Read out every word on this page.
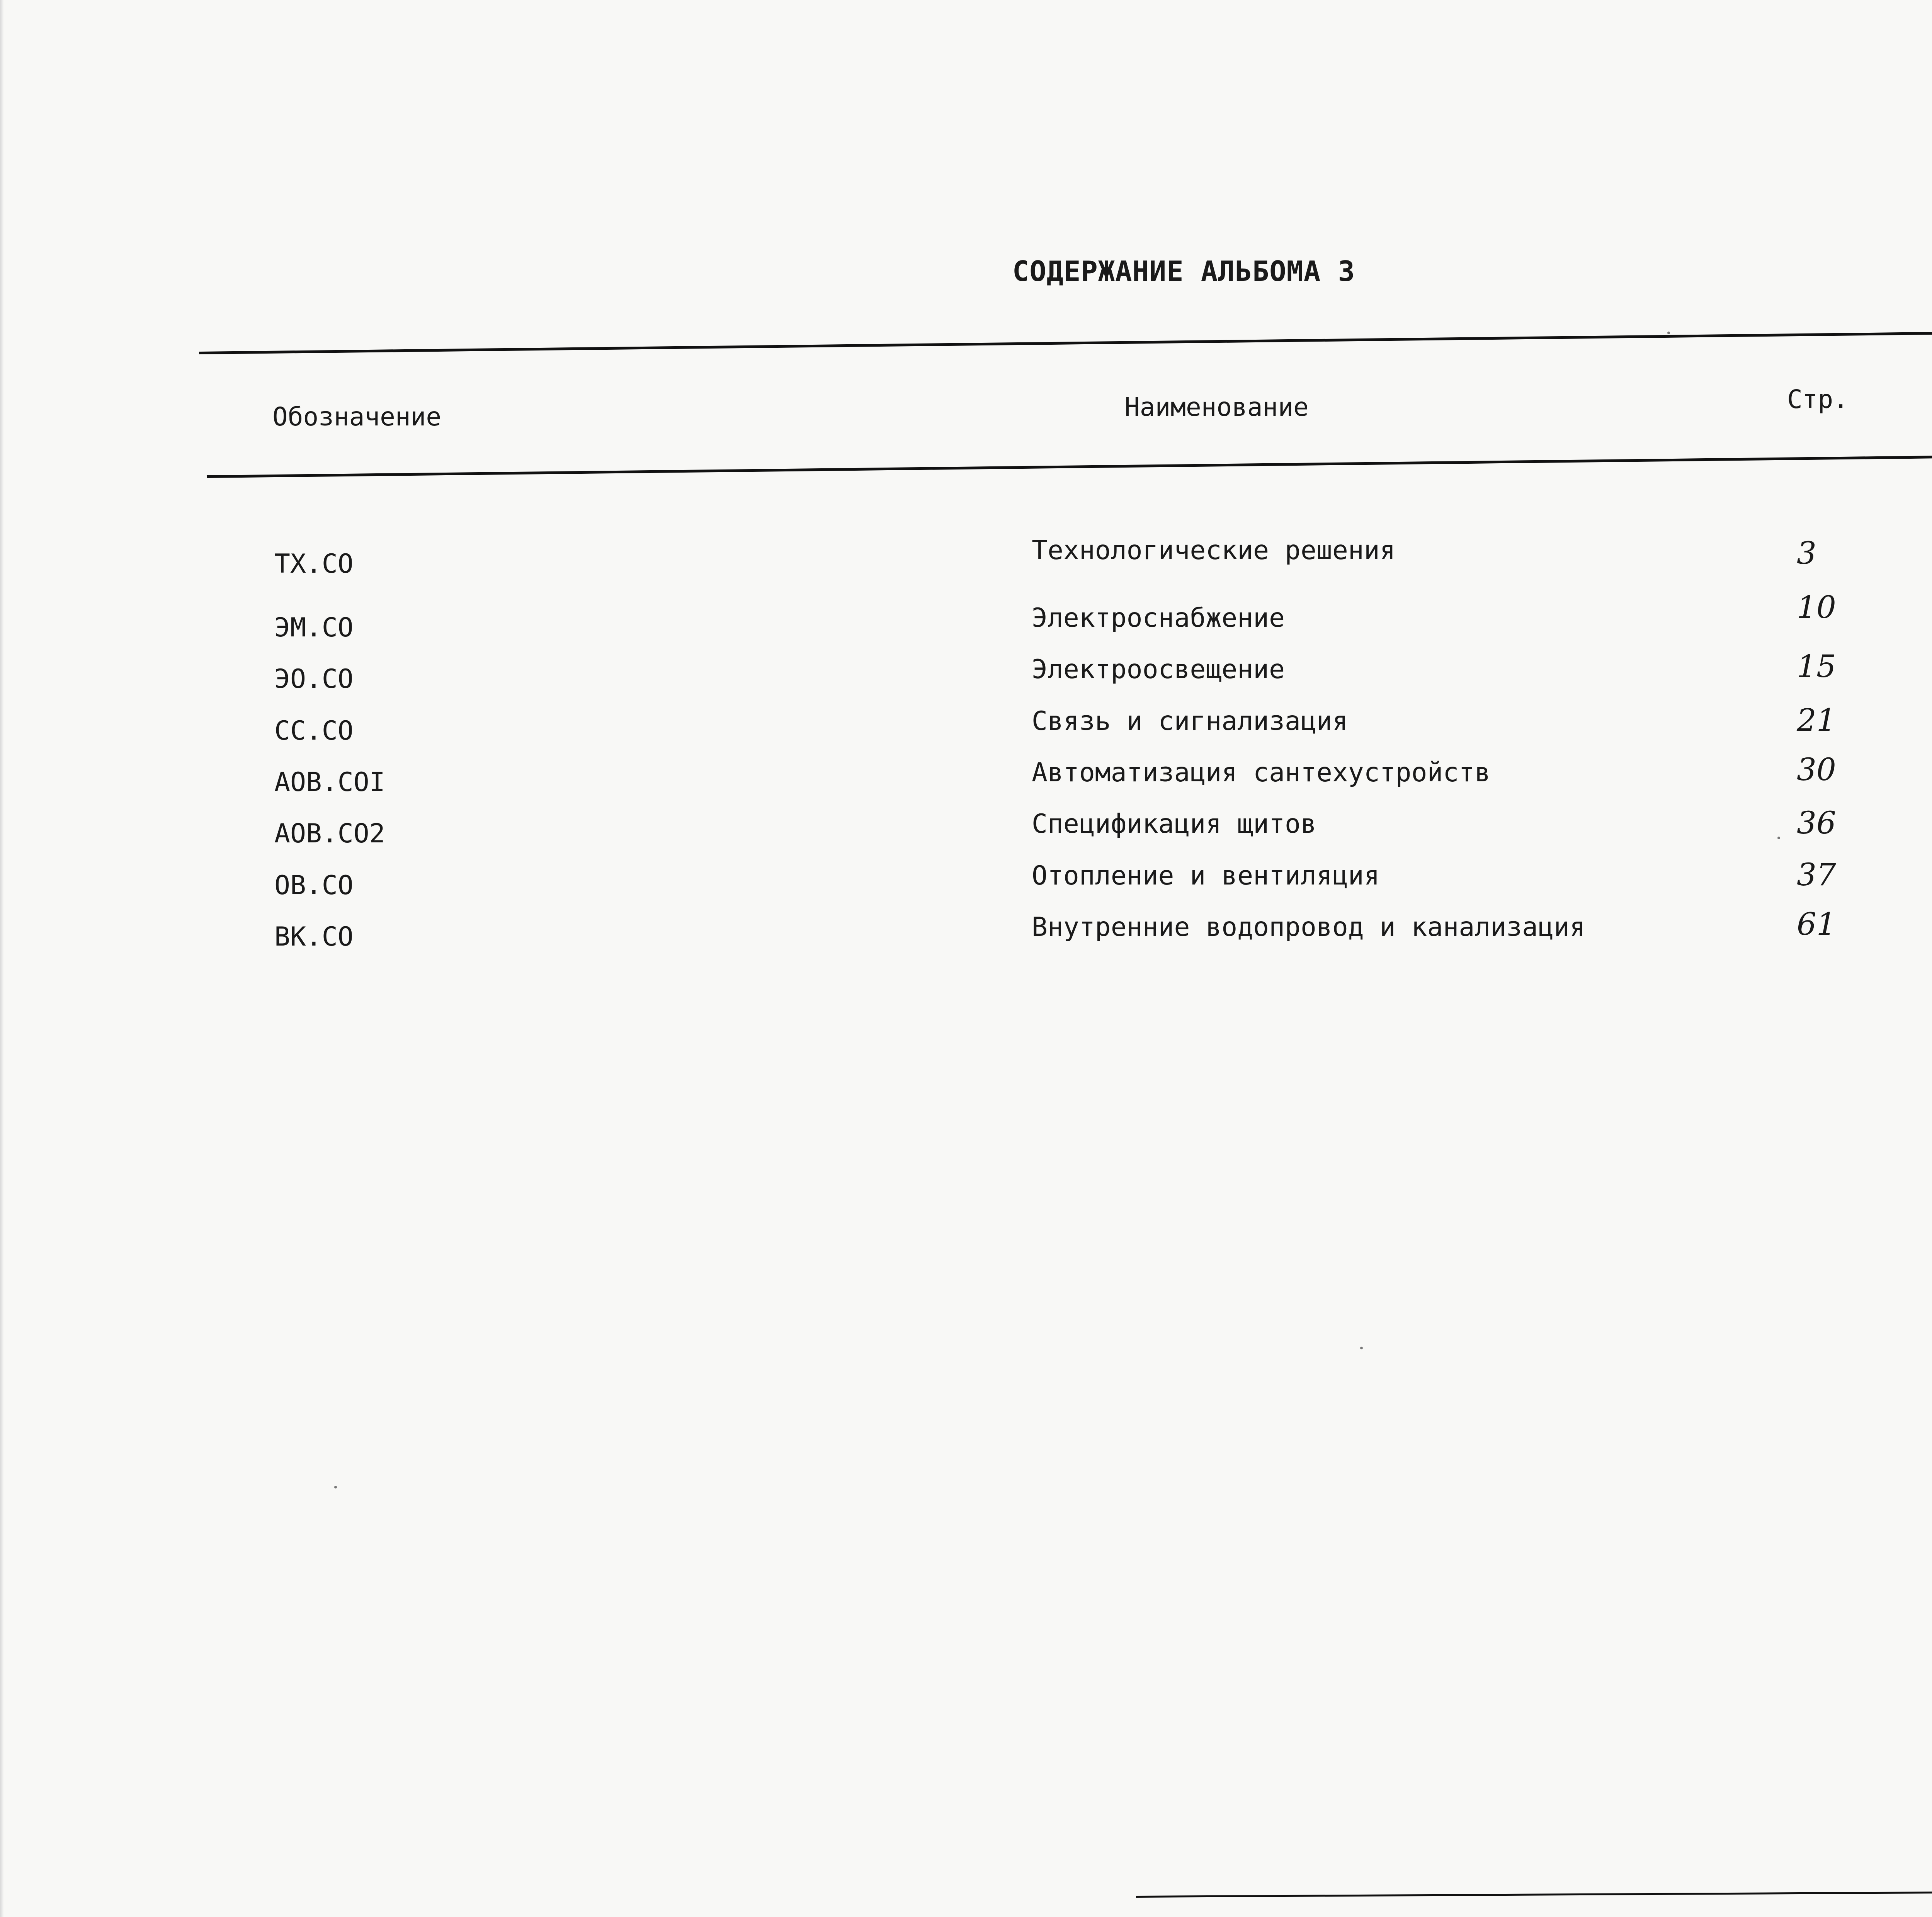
СОДЕРЖАНИЕ АЛЬБОМА 3
Обозначение	Наименование	Стр.
ТХ.СО	Технологические решения	3
ЭМ.СО	Электроснабжение	10
ЭО.СО	Электроосвещение	15
СС.СО	Связь и сигнализация	21
АОВ.СОI	Автоматизация сантехустройств	30
АОВ.СО2	Спецификация щитов	36
ОВ.СО	Отопление и вентиляция	37
ВК.СО	Внутренние водопровод и канализация	61
